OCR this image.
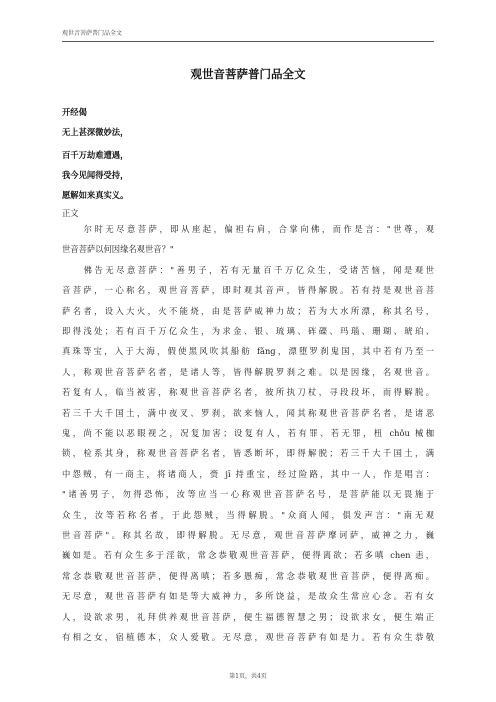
观世音菩萨普门品全文
观世音菩萨普门品全文
开经偈
无上甚深微妙法，
百千万劫难遭遇，
我今见闻得受持，
愿解如来真实义。
正文
　　尔时无尽意菩萨，即从座起，偏袒右肩，合掌向佛，而作是言："世尊，观
世音菩萨以何因缘名观世音？"
　　佛告无尽意菩萨："善男子，若有无量百千万亿众生，受诸苦恼，闻是观世
音菩萨，一心称名，观世音菩萨，即时观其音声，皆得解脱。若有持是观世音菩
萨名者，设入大火，火不能烧，由是菩萨威神力故；若为大水所漂，称其名号，
即得浅处；若有百千万亿众生，为求金、银、琉璃、砗磲、玛瑙、珊瑚、琥珀、
真珠等宝，入于大海，假使黑风吹其船舫 fǎng，漂堕罗刹鬼国，其中若有乃至一
人，称观世音菩萨名者，是诸人等，皆得解脱罗刹之难。以是因缘，名观世音。
若复有人，临当被害，称观世音菩萨名者，彼所执刀杖，寻段段坏，而得解脱。
若三千大千国土，满中夜叉、罗刹，欲来恼人，闻其称观世音菩萨名者，是诸恶
鬼，尚不能以恶眼视之，况复加害；设复有人，若有罪、若无罪，杻 chǒu 械枷
锁，检系其身，称观世音菩萨名者，皆悉断坏，即得解脱；若三千大千国土，满
中怨贼，有一商主，将诸商人，赍 jī 持重宝，经过险路，其中一人，作是唱言：
"诸善男子，勿得恐怖，汝等应当一心称观世音菩萨名号，是菩萨能以无畏施于
众生，汝等若称名者，于此怨贼，当得解脱。"众商人闻，俱发声言："南无观
世音菩萨"。称其名故，即得解脱。无尽意，观世音菩萨摩诃萨，威神之力，巍
巍如是。若有众生多于淫欲，常念恭敬观世音菩萨，便得离欲；若多嗔 chen 恚，
常念恭敬观世音菩萨，便得离嗔；若多愚痴，常念恭敬观世音菩萨，便得离痴。
无尽意，观世音菩萨有如是等大威神力，多所饶益，是故众生常应心念。若有女
人，设欲求男，礼拜供养观世音菩萨，便生福德智慧之男；设欲求女，便生端正
有相之女，宿植德本，众人爱敬。无尽意，观世音菩萨有如是力。若有众生恭敬
第1页，共4页
